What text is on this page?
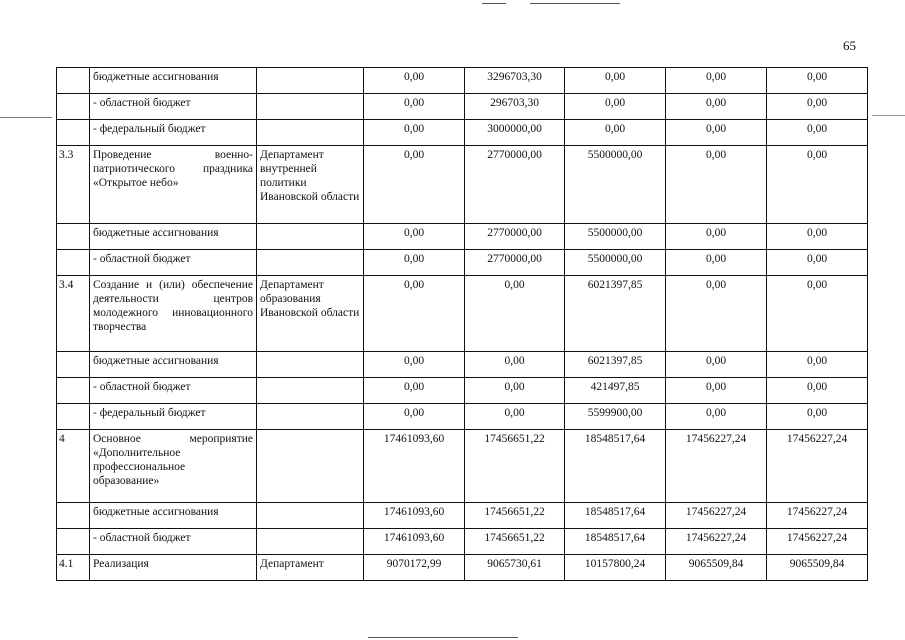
65
	бюджетные ассигнования		0,00	3296703,30	0,00	0,00	0,00
	- областной бюджет		0,00	296703,30	0,00	0,00	0,00
	- федеральный бюджет		0,00	3000000,00	0,00	0,00	0,00
3.3	Проведение военно-патриотического праздника «Открытое небо»	Департамент внутренней политики Ивановской области	0,00	2770000,00	5500000,00	0,00	0,00
	бюджетные ассигнования		0,00	2770000,00	5500000,00	0,00	0,00
	- областной бюджет		0,00	2770000,00	5500000,00	0,00	0,00
3.4	Создание и (или) обеспечение деятельности центров молодежного инновационного творчества	Департамент образования Ивановской области	0,00	0,00	6021397,85	0,00	0,00
	бюджетные ассигнования		0,00	0,00	6021397,85	0,00	0,00
	- областной бюджет		0,00	0,00	421497,85	0,00	0,00
	- федеральный бюджет		0,00	0,00	5599900,00	0,00	0,00
4	Основное мероприятие «Дополнительное профессиональное образование»		17461093,60	17456651,22	18548517,64	17456227,24	17456227,24
	бюджетные ассигнования		17461093,60	17456651,22	18548517,64	17456227,24	17456227,24
	- областной бюджет		17461093,60	17456651,22	18548517,64	17456227,24	17456227,24
4.1	Реализация	Департамент	9070172,99	9065730,61	10157800,24	9065509,84	9065509,84
